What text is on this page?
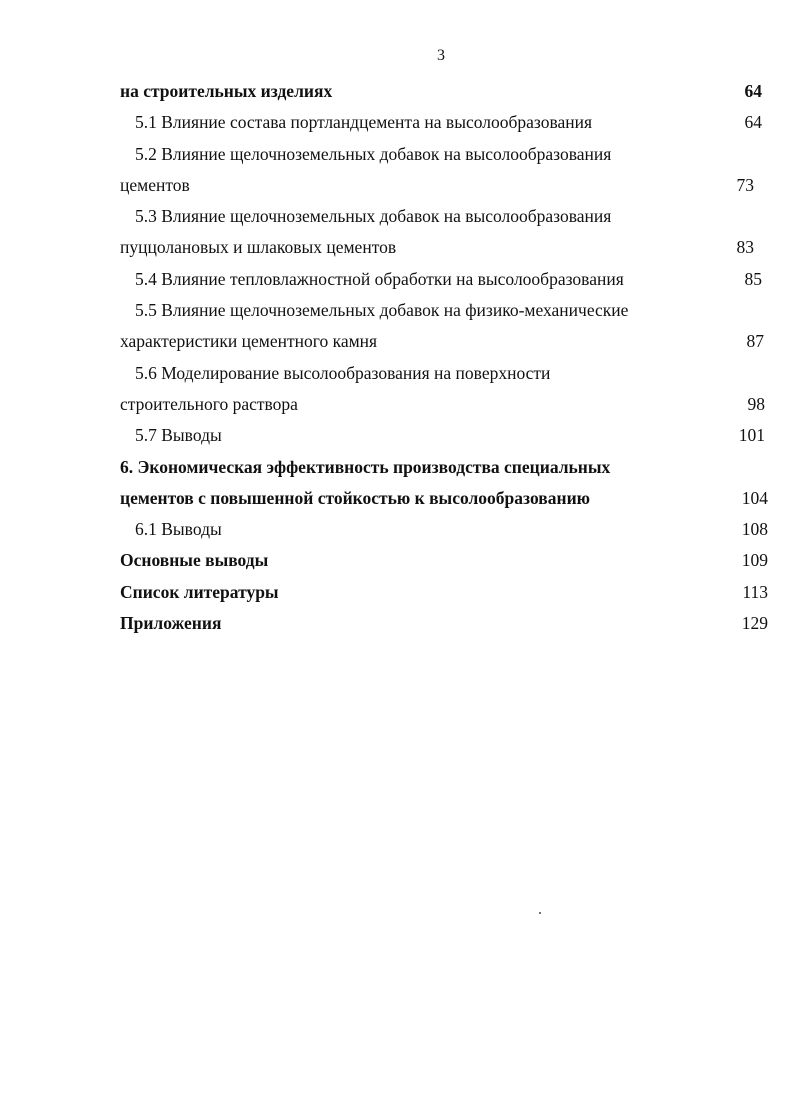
3
на строительных изделиях	64
5.1 Влияние состава портландцемента на высолообразования	64
5.2 Влияние щелочноземельных добавок на высолообразования
цементов	73
5.3 Влияние щелочноземельных добавок на высолообразования
пуццолановых и шлаковых цементов	83
5.4 Влияние тепловлажностной обработки на высолообразования	85
5.5 Влияние щелочноземельных добавок на физико-механические
характеристики цементного камня	87
5.6 Моделирование высолообразования на поверхности
строительного раствора	98
5.7 Выводы	101
6. Экономическая эффективность производства специальных
цементов с повышенной стойкостью к высолообразованию	104
6.1 Выводы	108
Основные выводы	109
Список литературы	113
Приложения	129
